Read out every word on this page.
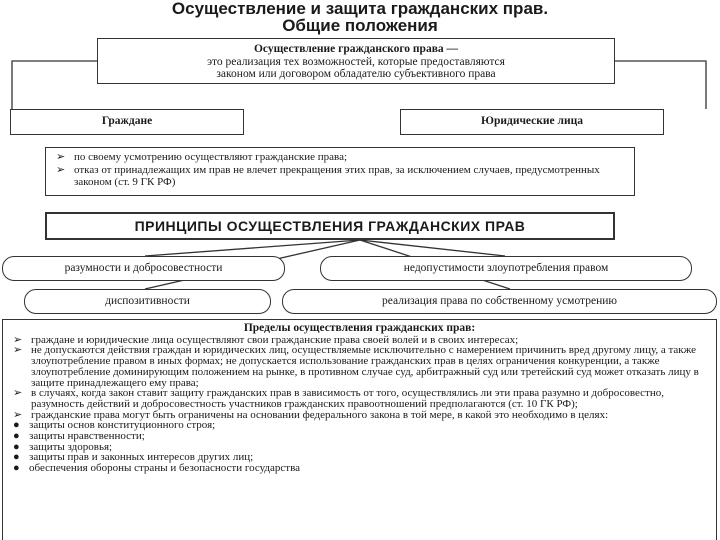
Осуществление и защита гражданских прав.
Общие положения
Осуществление гражданского права —
это реализация тех возможностей, которые предоставляются
законом или договором обладателю субъективного права
Граждане	Юридические лица
➢ по своему усмотрению осуществляют гражданские права;
➢ отказ от принадлежащих им прав не влечет прекращения этих прав, за исключением случаев, предусмотренных законом (ст. 9 ГК РФ)
ПРИНЦИПЫ ОСУЩЕСТВЛЕНИЯ ГРАЖДАНСКИХ ПРАВ
разумности и добросовестности	недопустимости злоупотребления правом
диспозитивности	реализация права по собственному усмотрению
Пределы осуществления гражданских прав:
➢ граждане и юридические лица осуществляют свои гражданские права своей волей и в своих интересах;
➢ не допускаются действия граждан и юридических лиц, осуществляемые исключительно с намерением причинить вред другому лицу, а также злоупотребление правом в иных формах; не допускается использование гражданских прав в целях ограничения конкуренции, а также злоупотребление доминирующим положением на рынке, в противном случае суд, арбитражный суд или третейский суд может отказать лицу в защите принадлежащего ему права;
➢ в случаях, когда закон ставит защиту гражданских прав в зависимость от того, осуществлялись ли эти права разумно и добросовестно, разумность действий и добросовестность участников гражданских правоотношений предполагаются (ст. 10 ГК РФ);
➢ гражданские права могут быть ограничены на основании федерального закона в той мере, в какой это необходимо в целях:
● защиты основ конституционного строя;
● защиты нравственности;
● защиты здоровья;
● защиты прав и законных интересов других лиц;
● обеспечения обороны страны и безопасности государства
